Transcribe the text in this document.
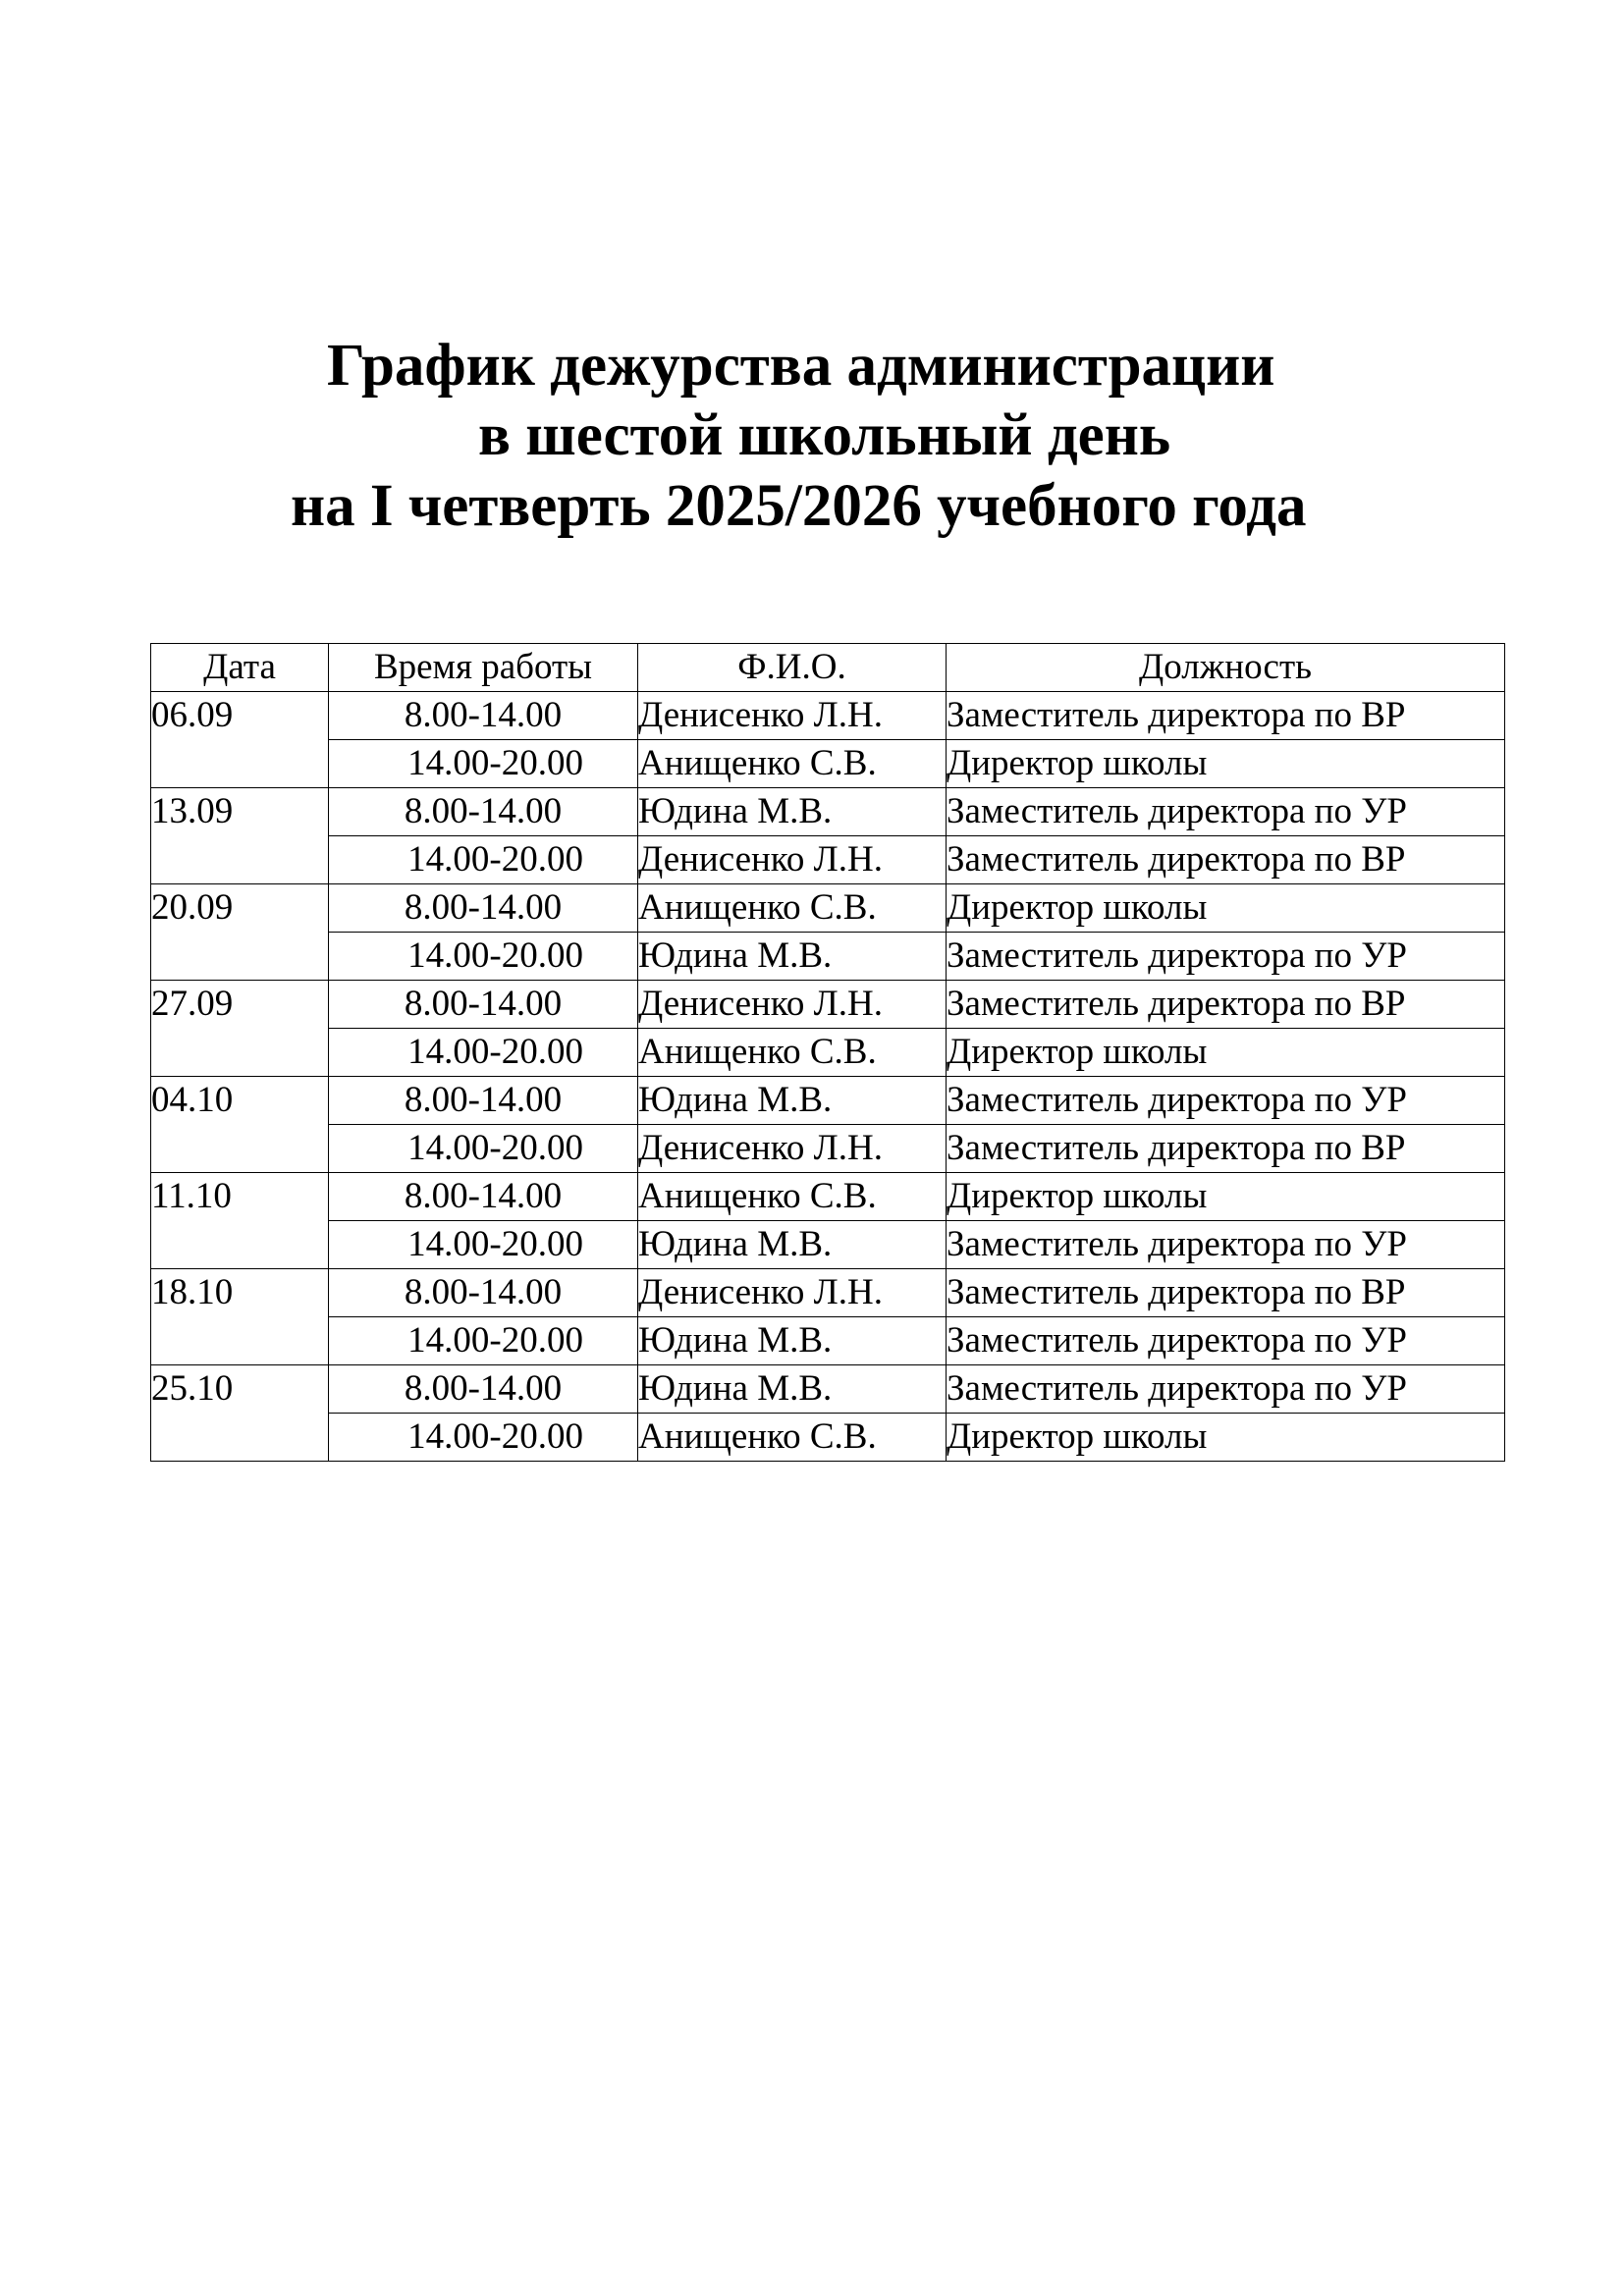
График дежурства администрации
в шестой школьный день
на I четверть 2025/2026 учебного года
Дата	Время работы	Ф.И.О.	Должность
06.09	8.00-14.00	Денисенко Л.Н.	Заместитель директора по ВР
	14.00-20.00	Анищенко С.В.	Директор школы
13.09	8.00-14.00	Юдина М.В.	Заместитель директора по УР
	14.00-20.00	Денисенко Л.Н.	Заместитель директора по ВР
20.09	8.00-14.00	Анищенко С.В.	Директор школы
	14.00-20.00	Юдина М.В.	Заместитель директора по УР
27.09	8.00-14.00	Денисенко Л.Н.	Заместитель директора по ВР
	14.00-20.00	Анищенко С.В.	Директор школы
04.10	8.00-14.00	Юдина М.В.	Заместитель директора по УР
	14.00-20.00	Денисенко Л.Н.	Заместитель директора по ВР
11.10	8.00-14.00	Анищенко С.В.	Директор школы
	14.00-20.00	Юдина М.В.	Заместитель директора по УР
18.10	8.00-14.00	Денисенко Л.Н.	Заместитель директора по ВР
	14.00-20.00	Юдина М.В.	Заместитель директора по УР
25.10	8.00-14.00	Юдина М.В.	Заместитель директора по УР
	14.00-20.00	Анищенко С.В.	Директор школы
